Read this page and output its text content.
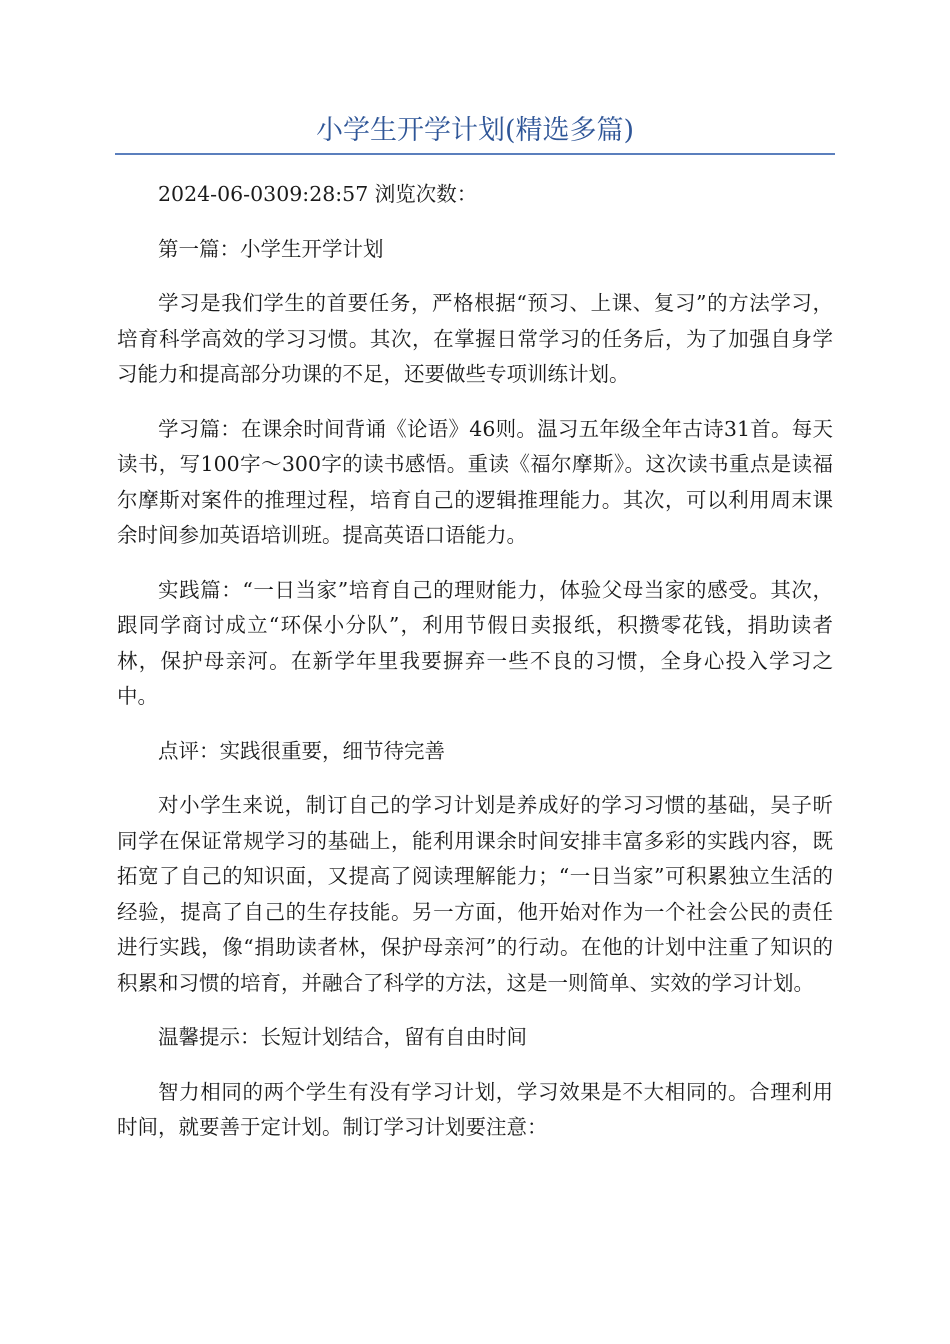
小学生开学计划(精选多篇)

2024-06-0309:28:57 浏览次数：

第一篇：小学生开学计划

学习是我们学生的首要任务，严格根据“预习、上课、复习”的方法学习，培育科学高效的学习习惯。其次，在掌握日常学习的任务后，为了加强自身学习能力和提高部分功课的不足，还要做些专项训练计划。

学习篇：在课余时间背诵《论语》46则。温习五年级全年古诗31首。每天读书，写100字～300字的读书感悟。重读《福尔摩斯》。这次读书重点是读福尔摩斯对案件的推理过程，培育自己的逻辑推理能力。其次，可以利用周末课余时间参加英语培训班。提高英语口语能力。

实践篇：“一日当家”培育自己的理财能力，体验父母当家的感受。其次，跟同学商讨成立“环保小分队”，利用节假日卖报纸，积攒零花钱，捐助读者林，保护母亲河。在新学年里我要摒弃一些不良的习惯，全身心投入学习之中。

点评：实践很重要，细节待完善

对小学生来说，制订自己的学习计划是养成好的学习习惯的基础，吴子昕同学在保证常规学习的基础上，能利用课余时间安排丰富多彩的实践内容，既拓宽了自己的知识面，又提高了阅读理解能力；“一日当家”可积累独立生活的经验，提高了自己的生存技能。另一方面，他开始对作为一个社会公民的责任进行实践，像“捐助读者林，保护母亲河”的行动。在他的计划中注重了知识的积累和习惯的培育，并融合了科学的方法，这是一则简单、实效的学习计划。

温馨提示：长短计划结合，留有自由时间

智力相同的两个学生有没有学习计划，学习效果是不大相同的。合理利用时间，就要善于定计划。制订学习计划要注意：
